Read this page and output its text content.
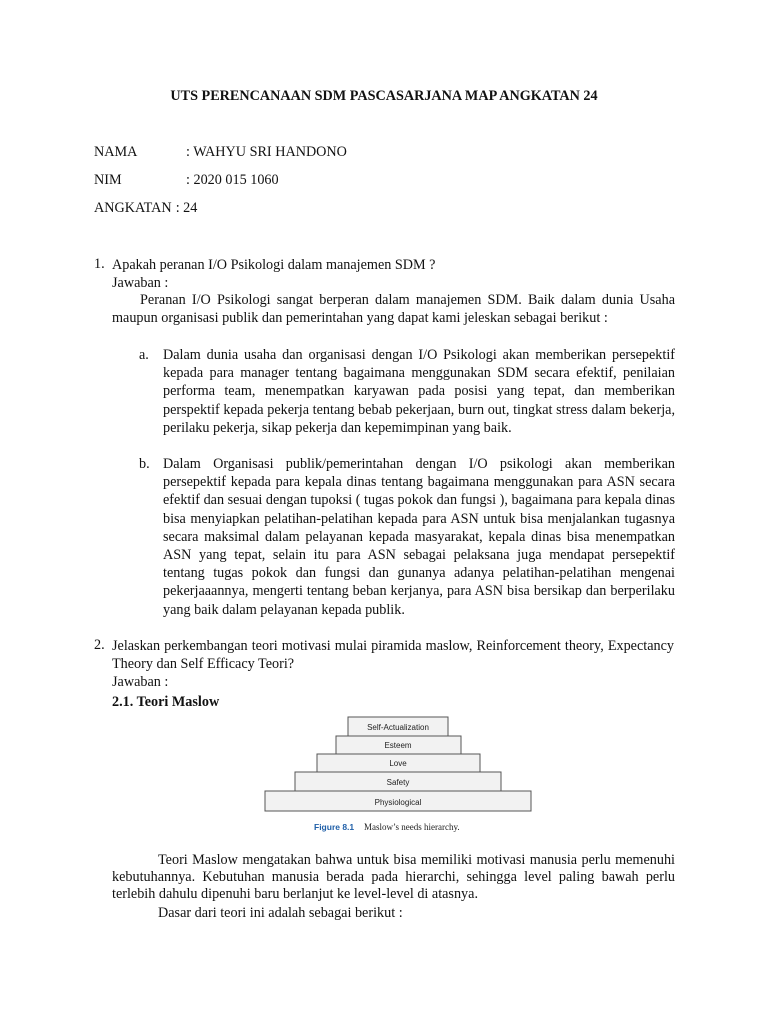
UTS PERENCANAAN SDM PASCASARJANA MAP ANGKATAN 24
NAMA	: WAHYU SRI HANDONO
NIM	: 2020 015 1060
ANGKATAN : 24
1. Apakah peranan I/O Psikologi dalam manajemen SDM ?
Jawaban :
Peranan I/O Psikologi sangat berperan dalam manajemen SDM. Baik dalam dunia Usaha maupun organisasi publik dan pemerintahan yang dapat kami jeleskan sebagai berikut :
a. Dalam dunia usaha dan organisasi dengan I/O Psikologi akan memberikan persepektif kepada para manager tentang bagaimana menggunakan SDM secara efektif, penilaian performa team, menempatkan karyawan pada posisi yang tepat, dan memberikan perspektif kepada pekerja tentang bebab pekerjaan, burn out, tingkat stress dalam bekerja, perilaku pekerja, sikap pekerja dan kepemimpinan yang baik.
b. Dalam Organisasi publik/pemerintahan dengan I/O psikologi akan memberikan persepektif kepada para kepala dinas tentang bagaimana menggunakan para ASN secara efektif dan sesuai dengan tupoksi ( tugas pokok dan fungsi ), bagaimana para kepala dinas bisa menyiapkan pelatihan-pelatihan kepada para ASN untuk bisa menjalankan tugasnya secara maksimal dalam pelayanan kepada masyarakat, kepala dinas bisa menempatkan ASN yang tepat, selain itu para ASN sebagai pelaksana juga mendapat persepektif tentang tugas pokok dan fungsi dan gunanya adanya pelatihan-pelatihan mengenai pekerjaaannya, mengerti tentang beban kerjanya, para ASN bisa bersikap dan berperilaku yang baik dalam pelayanan kepada publik.
2. Jelaskan perkembangan teori motivasi mulai piramida maslow, Reinforcement theory, Expectancy Theory dan Self Efficacy Teori?
Jawaban :
2.1. Teori Maslow
Self-Actualization
Esteem
Love
Safety
Physiological
Figure 8.1 Maslow’s needs hierarchy.
Teori Maslow mengatakan bahwa untuk bisa memiliki motivasi manusia perlu memenuhi kebutuhannya. Kebutuhan manusia berada pada hierarchi, sehingga level paling bawah perlu terlebih dahulu dipenuhi baru berlanjut ke level-level di atasnya.
Dasar dari teori ini adalah sebagai berikut :
